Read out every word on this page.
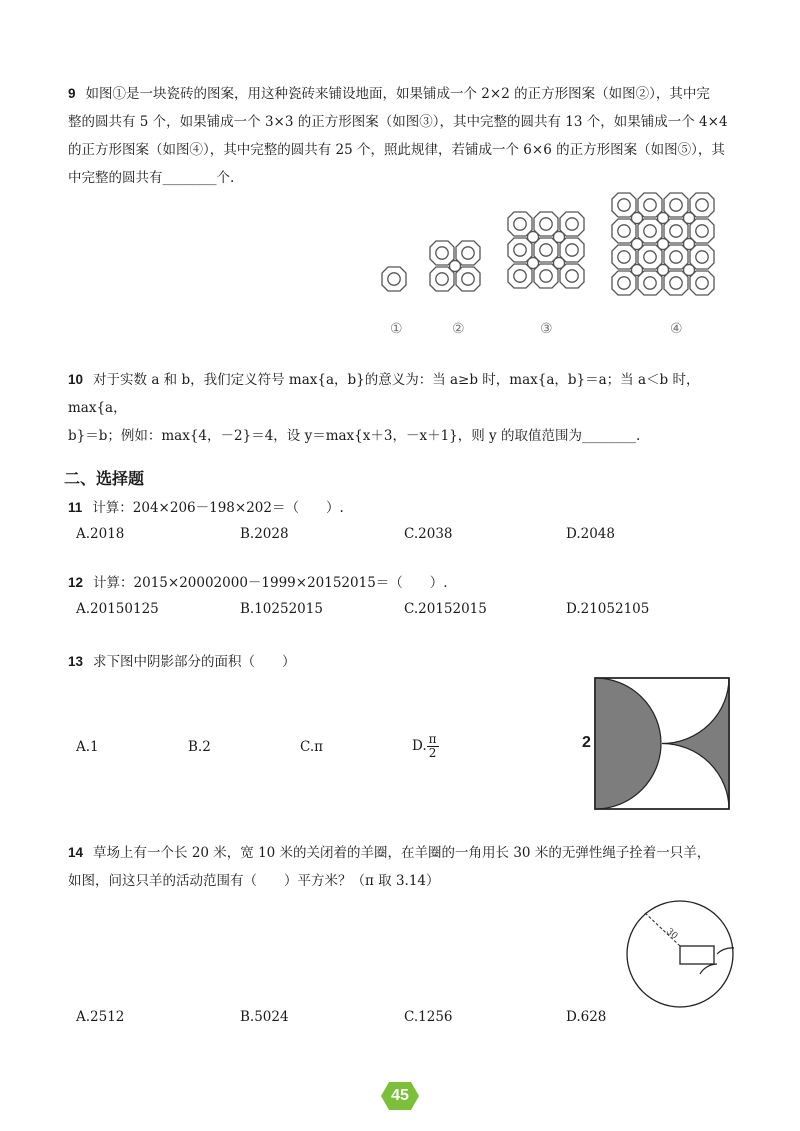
9 如图①是一块瓷砖的图案，用这种瓷砖来铺设地面，如果铺成一个 2×2 的正方形图案（如图②），其中完
整的圆共有 5 个，如果铺成一个 3×3 的正方形图案（如图③），其中完整的圆共有 13 个，如果铺成一个 4×4
的正方形图案（如图④），其中完整的圆共有 25 个，照此规律，若铺成一个 6×6 的正方形图案（如图⑤），其
中完整的圆共有________个.
①	②	③	④
10 对于实数 a 和 b，我们定义符号 max{a，b}的意义为：当 a≥b 时，max{a，b}＝a；当 a＜b 时，max{a，
b}＝b；例如：max{4，－2}＝4，设 y＝max{x＋3，－x＋1}，则 y 的取值范围为________.
二、选择题
11 计算：204×206－198×202＝（　　）.
A.2018	B.2028	C.2038	D.2048
12 计算：2015×20002000－1999×20152015＝（　　）.
A.20150125	B.10252015	C.20152015	D.21052105
13 求下图中阴影部分的面积（　　）
A.1	B.2	C.π	D. $\frac{\pi}{2}$	2
14 草场上有一个长 20 米，宽 10 米的关闭着的羊圈，在羊圈的一角用长 30 米的无弹性绳子拴着一只羊，
如图，问这只羊的活动范围有（　　）平方米？（π 取 3.14）
30
A.2512	B.5024	C.1256	D.628
45
